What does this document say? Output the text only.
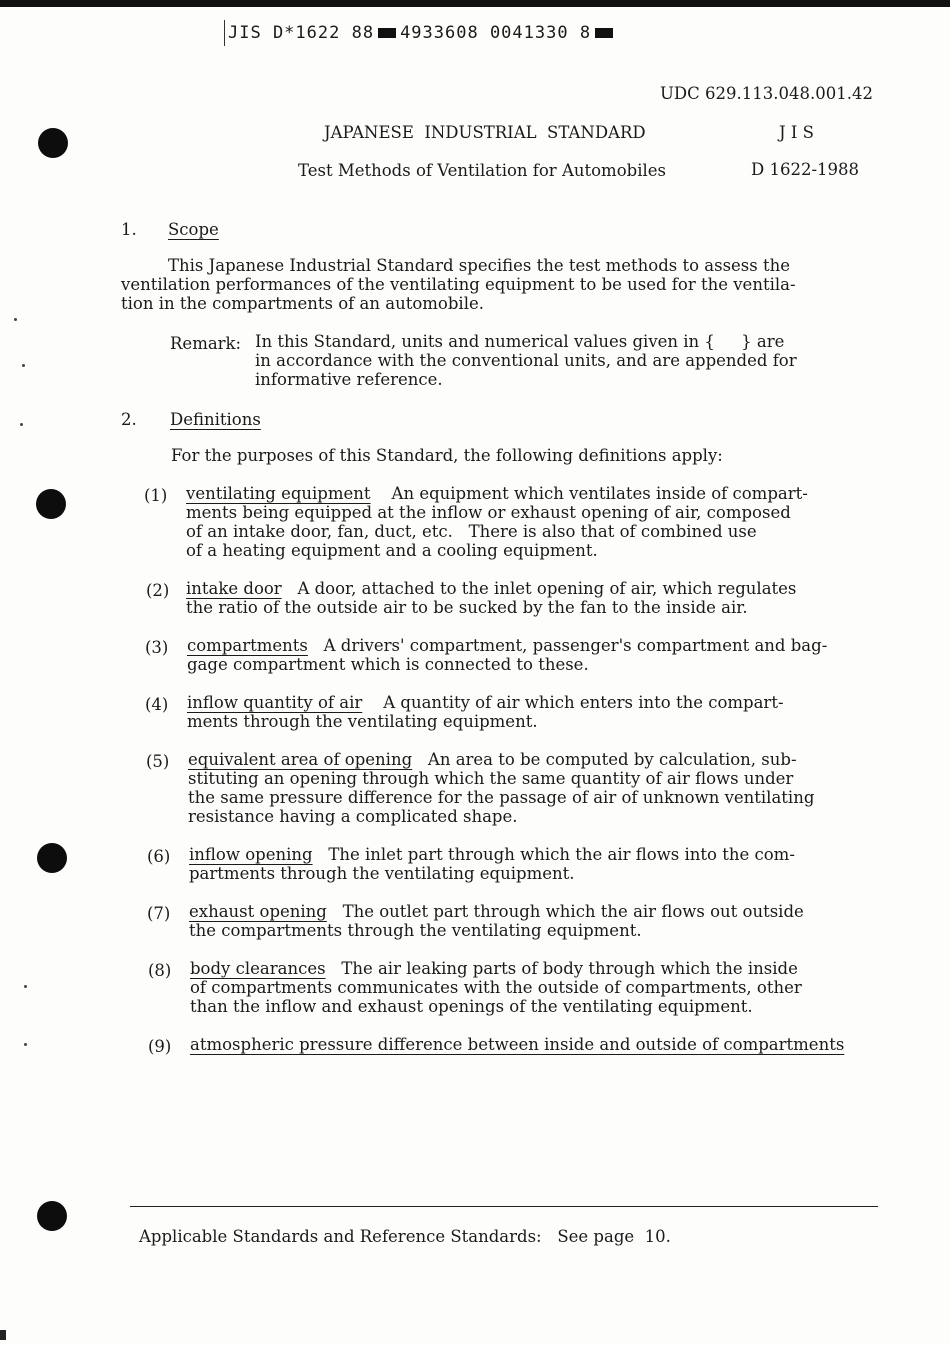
JIS D*1622 88 4933608 0041330 8
UDC 629.113.048.001.42
JAPANESE  INDUSTRIAL  STANDARD	J I S
Test Methods of Ventilation for Automobiles	D 1622-1988
1. Scope
This Japanese Industrial Standard specifies the test methods to assess the
ventilation performances of the ventilating equipment to be used for the ventila-
tion in the compartments of an automobile.
Remark: In this Standard, units and numerical values given in {     } are
in accordance with the conventional units, and are appended for
informative reference.
2. Definitions
For the purposes of this Standard, the following definitions apply:
(1) ventilating equipment An equipment which ventilates inside of compart-
ments being equipped at the inflow or exhaust opening of air, composed
of an intake door, fan, duct, etc.   There is also that of combined use
of a heating equipment and a cooling equipment.
(2) intake door A door, attached to the inlet opening of air, which regulates
the ratio of the outside air to be sucked by the fan to the inside air.
(3) compartments A drivers' compartment, passenger's compartment and bag-
gage compartment which is connected to these.
(4) inflow quantity of air A quantity of air which enters into the compart-
ments through the ventilating equipment.
(5) equivalent area of opening An area to be computed by calculation, sub-
stituting an opening through which the same quantity of air flows under
the same pressure difference for the passage of air of unknown ventilating
resistance having a complicated shape.
(6) inflow opening The inlet part through which the air flows into the com-
partments through the ventilating equipment.
(7) exhaust opening The outlet part through which the air flows out outside
the compartments through the ventilating equipment.
(8) body clearances The air leaking parts of body through which the inside
of compartments communicates with the outside of compartments, other
than the inflow and exhaust openings of the ventilating equipment.
(9) atmospheric pressure difference between inside and outside of compartments
Applicable Standards and Reference Standards:   See page  10.
